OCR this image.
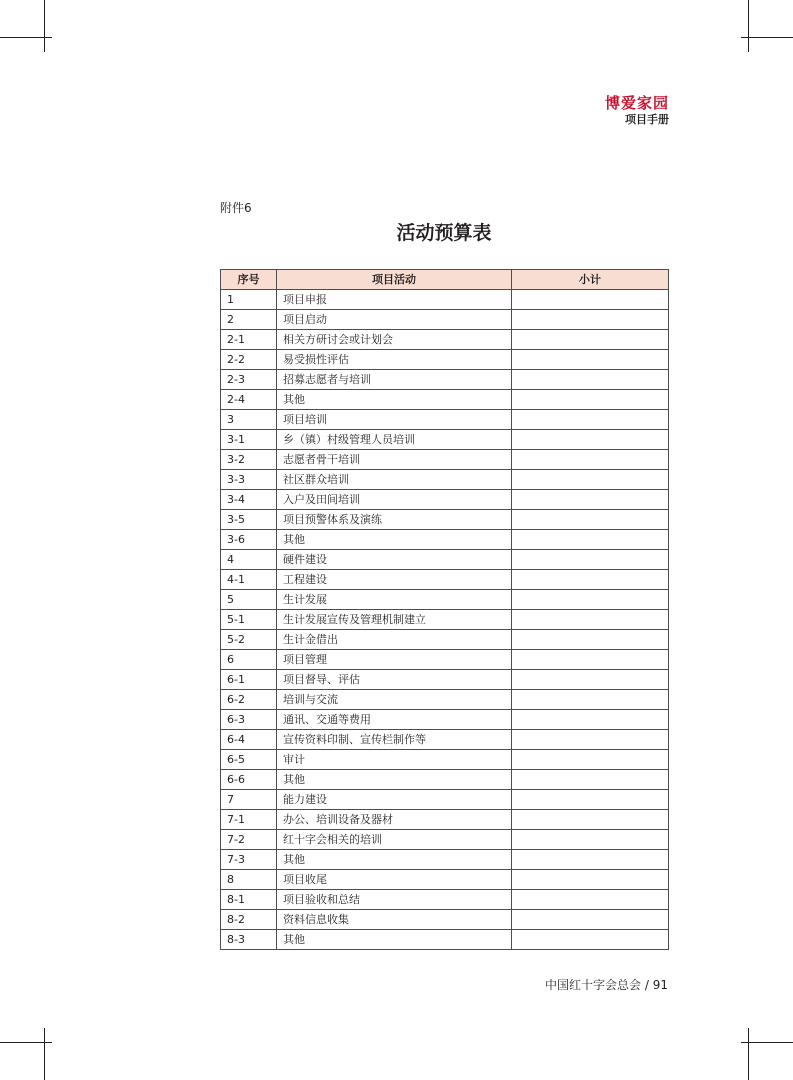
博爱家园
项目手册
附件6
活动预算表
序号	项目活动	小计
1	项目申报	
2	项目启动	
2-1	相关方研讨会或计划会	
2-2	易受损性评估	
2-3	招募志愿者与培训	
2-4	其他	
3	项目培训	
3-1	乡（镇）村级管理人员培训	
3-2	志愿者骨干培训	
3-3	社区群众培训	
3-4	入户及田间培训	
3-5	项目预警体系及演练	
3-6	其他	
4	硬件建设	
4-1	工程建设	
5	生计发展	
5-1	生计发展宣传及管理机制建立	
5-2	生计金借出	
6	项目管理	
6-1	项目督导、评估	
6-2	培训与交流	
6-3	通讯、交通等费用	
6-4	宣传资料印制、宣传栏制作等	
6-5	审计	
6-6	其他	
7	能力建设	
7-1	办公、培训设备及器材	
7-2	红十字会相关的培训	
7-3	其他	
8	项目收尾	
8-1	项目验收和总结	
8-2	资料信息收集	
8-3	其他	
中国红十字会总会 / 91
